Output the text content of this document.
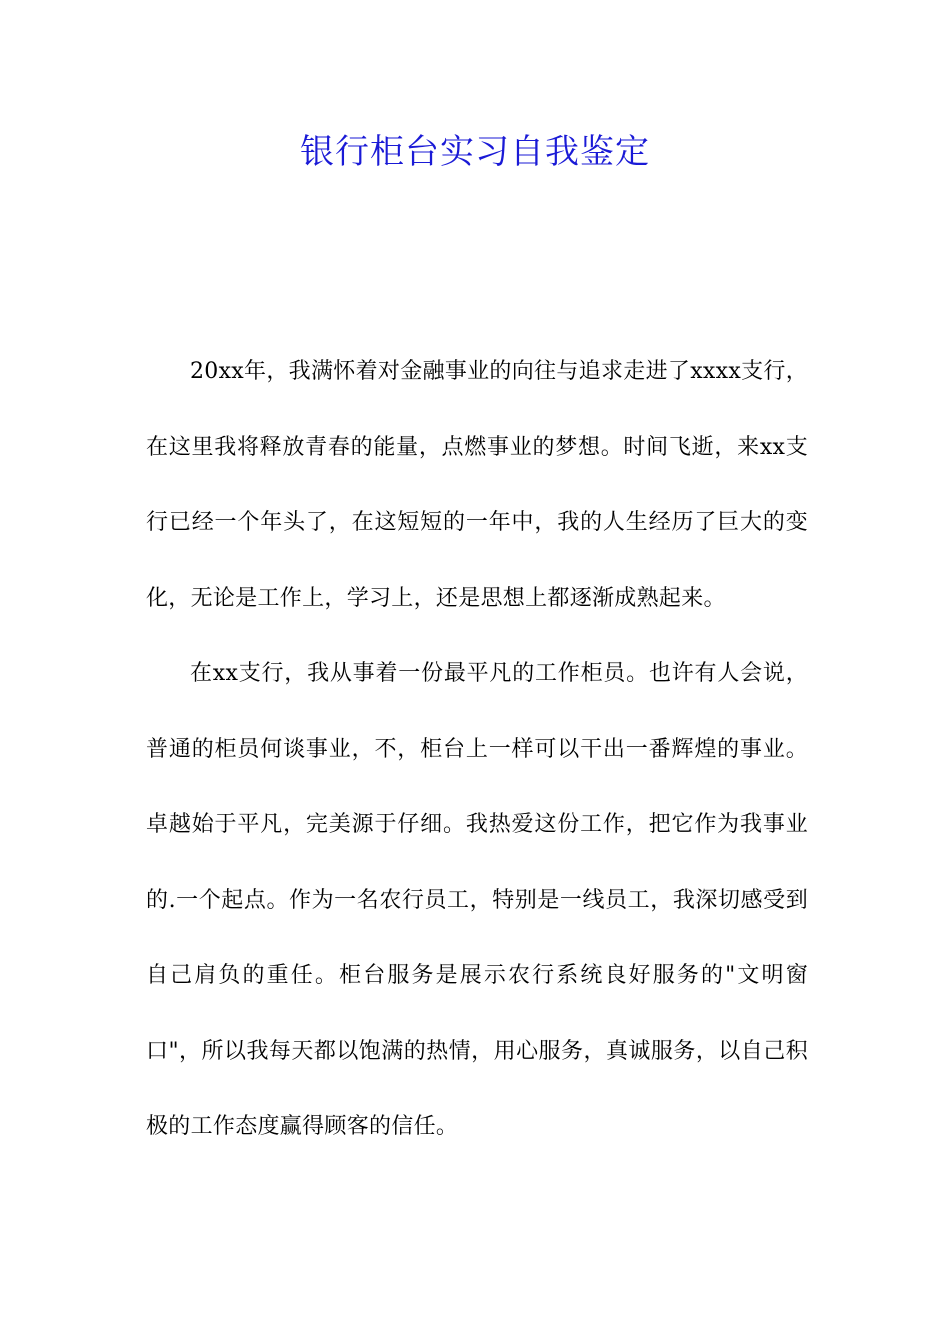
银行柜台实习自我鉴定

20xx年，我满怀着对金融事业的向往与追求走进了xxxx支行，在这里我将释放青春的能量，点燃事业的梦想。时间飞逝，来xx支行已经一个年头了，在这短短的一年中，我的人生经历了巨大的变化，无论是工作上，学习上，还是思想上都逐渐成熟起来。

在xx支行，我从事着一份最平凡的工作柜员。也许有人会说，普通的柜员何谈事业，不，柜台上一样可以干出一番辉煌的事业。卓越始于平凡，完美源于仔细。我热爱这份工作，把它作为我事业的.一个起点。作为一名农行员工，特别是一线员工，我深切感受到自己肩负的重任。柜台服务是展示农行系统良好服务的"文明窗口"，所以我每天都以饱满的热情，用心服务，真诚服务，以自己积极的工作态度赢得顾客的信任。
